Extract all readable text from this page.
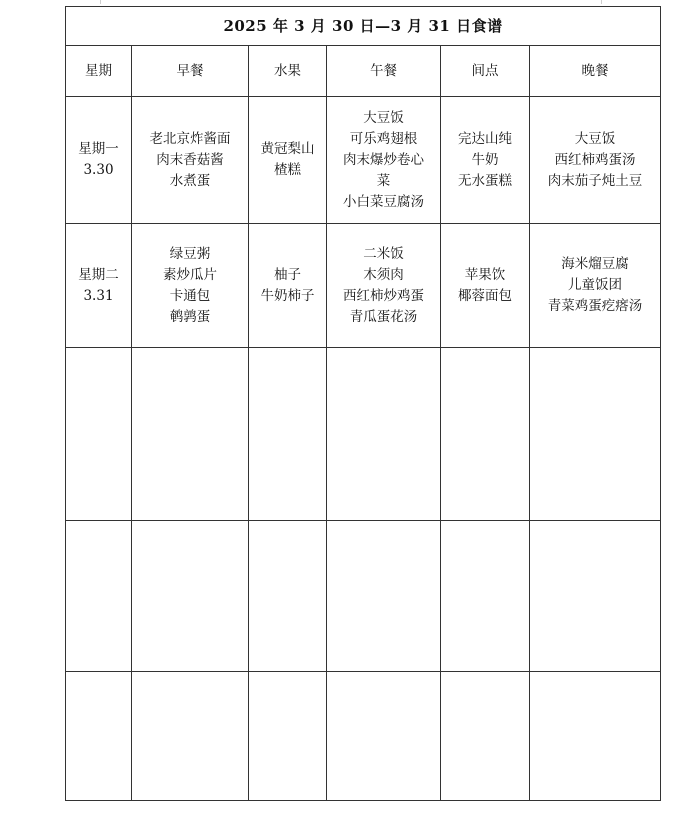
2025 年 3 月 30 日—3 月 31 日食谱					
星期	早餐	水果	午餐	间点	晚餐

星期一
3.30	老北京炸酱面
肉末香菇酱
水煮蛋	黄冠梨山
楂糕	大豆饭
可乐鸡翅根
肉末爆炒卷心
菜
小白菜豆腐汤	完达山纯
牛奶
无水蛋糕	大豆饭
西红柿鸡蛋汤
肉末茄子炖土豆

星期二
3.31	绿豆粥
素炒瓜片
卡通包
鹌鹑蛋	柚子
牛奶柿子	二米饭
木须肉
西红柿炒鸡蛋
青瓜蛋花汤	苹果饮
椰蓉面包	海米熘豆腐
儿童饭团
青菜鸡蛋疙瘩汤
